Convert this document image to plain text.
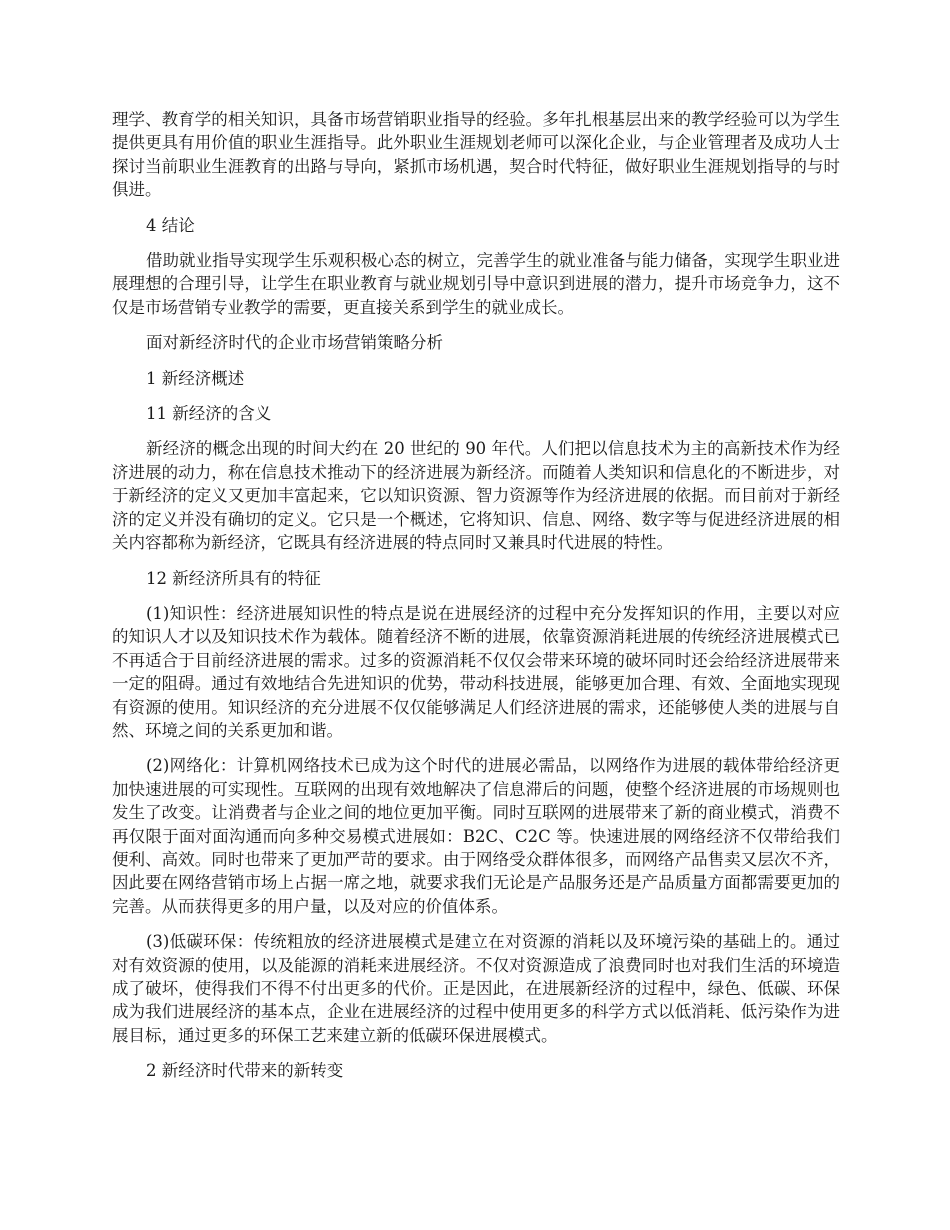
理学、教育学的相关知识，具备市场营销职业指导的经验。多年扎根基层出来的教学经验可以为学生提供更具有用价值的职业生涯指导。此外职业生涯规划老师可以深化企业，与企业管理者及成功人士探讨当前职业生涯教育的出路与导向，紧抓市场机遇，契合时代特征，做好职业生涯规划指导的与时俱进。

4 结论

借助就业指导实现学生乐观积极心态的树立，完善学生的就业准备与能力储备，实现学生职业进展理想的合理引导，让学生在职业教育与就业规划引导中意识到进展的潜力，提升市场竞争力，这不仅是市场营销专业教学的需要，更直接关系到学生的就业成长。

面对新经济时代的企业市场营销策略分析

1 新经济概述

11 新经济的含义

新经济的概念出现的时间大约在 20 世纪的 90 年代。人们把以信息技术为主的高新技术作为经济进展的动力，称在信息技术推动下的经济进展为新经济。而随着人类知识和信息化的不断进步，对于新经济的定义又更加丰富起来，它以知识资源、智力资源等作为经济进展的依据。而目前对于新经济的定义并没有确切的定义。它只是一个概述，它将知识、信息、网络、数字等与促进经济进展的相关内容都称为新经济，它既具有经济进展的特点同时又兼具时代进展的特性。

12 新经济所具有的特征

(1)知识性：经济进展知识性的特点是说在进展经济的过程中充分发挥知识的作用，主要以对应的知识人才以及知识技术作为载体。随着经济不断的进展，依靠资源消耗进展的传统经济进展模式已不再适合于目前经济进展的需求。过多的资源消耗不仅仅会带来环境的破坏同时还会给经济进展带来一定的阻碍。通过有效地结合先进知识的优势，带动科技进展，能够更加合理、有效、全面地实现现有资源的使用。知识经济的充分进展不仅仅能够满足人们经济进展的需求，还能够使人类的进展与自然、环境之间的关系更加和谐。

(2)网络化：计算机网络技术已成为这个时代的进展必需品，以网络作为进展的载体带给经济更加快速进展的可实现性。互联网的出现有效地解决了信息滞后的问题，使整个经济进展的市场规则也发生了改变。让消费者与企业之间的地位更加平衡。同时互联网的进展带来了新的商业模式，消费不再仅限于面对面沟通而向多种交易模式进展如：B2C、C2C 等。快速进展的网络经济不仅带给我们便利、高效。同时也带来了更加严苛的要求。由于网络受众群体很多，而网络产品售卖又层次不齐，因此要在网络营销市场上占据一席之地，就要求我们无论是产品服务还是产品质量方面都需要更加的完善。从而获得更多的用户量，以及对应的价值体系。

(3)低碳环保：传统粗放的经济进展模式是建立在对资源的消耗以及环境污染的基础上的。通过对有效资源的使用，以及能源的消耗来进展经济。不仅对资源造成了浪费同时也对我们生活的环境造成了破坏，使得我们不得不付出更多的代价。正是因此，在进展新经济的过程中，绿色、低碳、环保成为我们进展经济的基本点，企业在进展经济的过程中使用更多的科学方式以低消耗、低污染作为进展目标，通过更多的环保工艺来建立新的低碳环保进展模式。

2 新经济时代带来的新转变
